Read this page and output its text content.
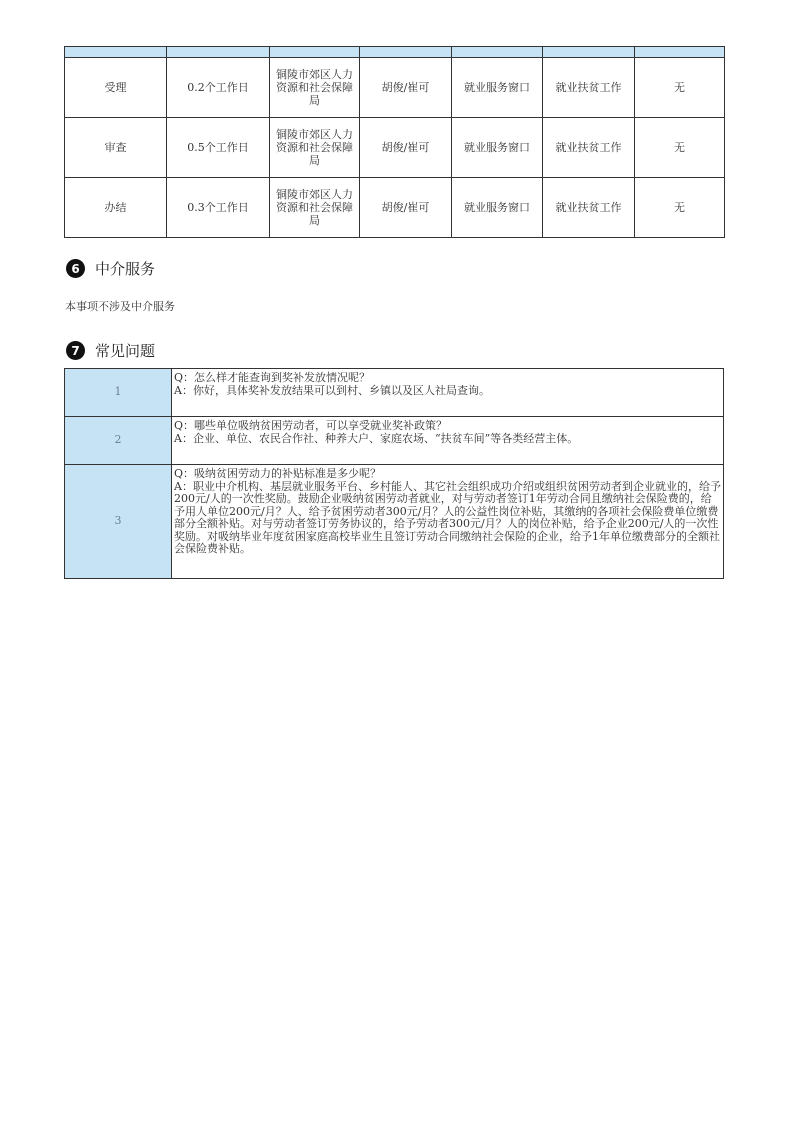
受理	0.2个工作日	铜陵市郊区人力资源和社会保障局	胡俊/崔可	就业服务窗口	就业扶贫工作	无
审查	0.5个工作日	铜陵市郊区人力资源和社会保障局	胡俊/崔可	就业服务窗口	就业扶贫工作	无
办结	0.3个工作日	铜陵市郊区人力资源和社会保障局	胡俊/崔可	就业服务窗口	就业扶贫工作	无
6	中介服务
本事项不涉及中介服务
7	常见问题
1	Q：怎么样才能查询到奖补发放情况呢？
A：你好，具体奖补发放结果可以到村、乡镇以及区人社局查询。

2	Q：哪些单位吸纳贫困劳动者，可以享受就业奖补政策？
A：企业、单位、农民合作社、种养大户、家庭农场、“扶贫车间”等各类经营主体。

3	Q：吸纳贫困劳动力的补贴标准是多少呢？
A：职业中介机构、基层就业服务平台、乡村能人、其它社会组织成功介绍或组织贫困劳动者到企业就业的，给予200元/人的一次性奖励。鼓励企业吸纳贫困劳动者就业，对与劳动者签订1年劳动合同且缴纳社会保险费的，给予用人单位200元/月？人、给予贫困劳动者300元/月？人的公益性岗位补贴，其缴纳的各项社会保险费单位缴费部分全额补贴。对与劳动者签订劳务协议的，给予劳动者300元/月？人的岗位补贴，给予企业200元/人的一次性奖励。对吸纳毕业年度贫困家庭高校毕业生且签订劳动合同缴纳社会保险的企业，给予1年单位缴费部分的全额社会保险费补贴。
